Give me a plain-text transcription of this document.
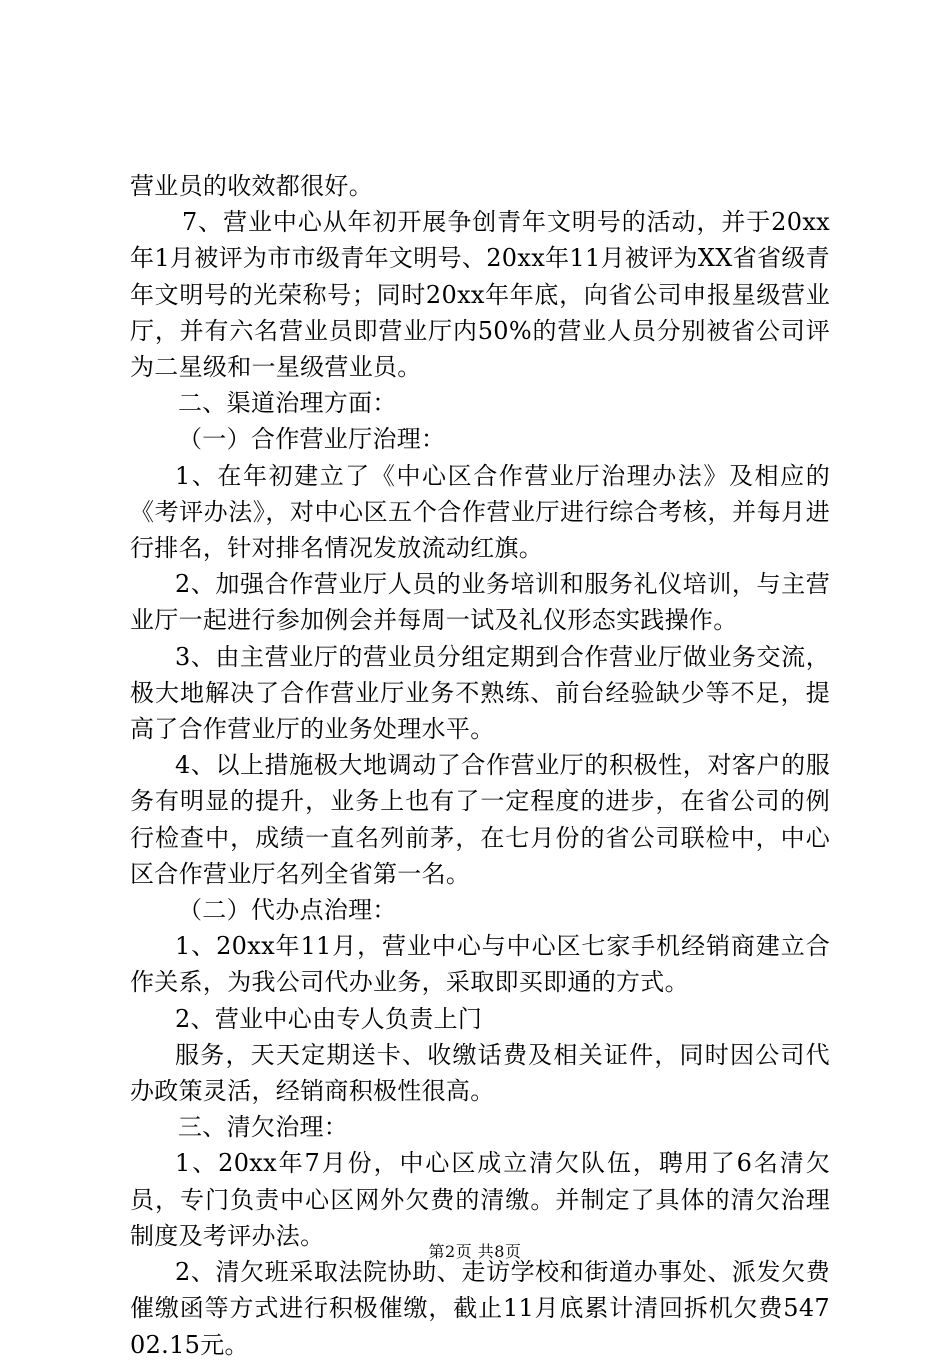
营业员的收效都很好。

7、营业中心从年初开展争创青年文明号的活动，并于20xx年1月被评为市市级青年文明号、20xx年11月被评为XX省省级青年文明号的光荣称号；同时20xx年年底，向省公司申报星级营业厅，并有六名营业员即营业厅内50%的营业人员分别被省公司评为二星级和一星级营业员。

二、渠道治理方面：

（一）合作营业厅治理：

1、在年初建立了《中心区合作营业厅治理办法》及相应的《考评办法》，对中心区五个合作营业厅进行综合考核，并每月进行排名，针对排名情况发放流动红旗。

2、加强合作营业厅人员的业务培训和服务礼仪培训，与主营业厅一起进行参加例会并每周一试及礼仪形态实践操作。

3、由主营业厅的营业员分组定期到合作营业厅做业务交流，极大地解决了合作营业厅业务不熟练、前台经验缺少等不足，提高了合作营业厅的业务处理水平。

4、以上措施极大地调动了合作营业厅的积极性，对客户的服务有明显的提升，业务上也有了一定程度的进步，在省公司的例行检查中，成绩一直名列前茅，在七月份的省公司联检中，中心区合作营业厅名列全省第一名。

（二）代办点治理：

1、20xx年11月，营业中心与中心区七家手机经销商建立合作关系，为我公司代办业务，采取即买即通的方式。

2、营业中心由专人负责上门

服务，天天定期送卡、收缴话费及相关证件，同时因公司代办政策灵活，经销商积极性很高。

三、清欠治理：

1、20xx年7月份，中心区成立清欠队伍，聘用了6名清欠员，专门负责中心区网外欠费的清缴。并制定了具体的清欠治理制度及考评办法。

2、清欠班采取法院协助、走访学校和街道办事处、派发欠费催缴函等方式进行积极催缴，截止11月底累计清回拆机欠费54702.15元。

第2页 共8页
